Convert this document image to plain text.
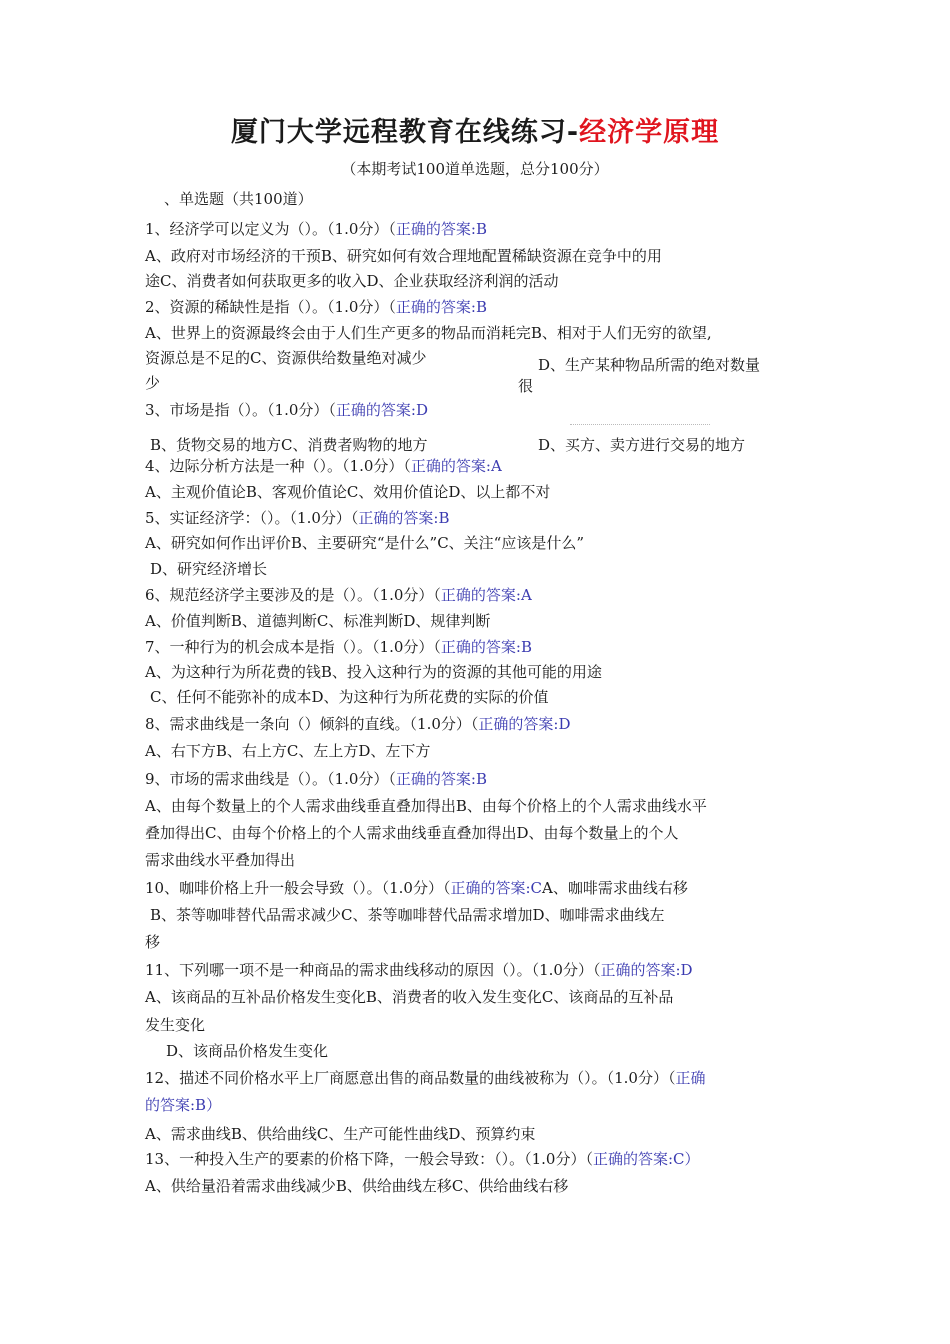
厦门大学远程教育在线练习-经济学原理
（本期考试100道单选题，总分100分）
、单选题（共100道）
1、经济学可以定义为（）。（1.0分）（正确的答案:B
A、政府对市场经济的干预B、研究如何有效合理地配置稀缺资源在竞争中的用
途C、消费者如何获取更多的收入D、企业获取经济利润的活动
2、资源的稀缺性是指（）。（1.0分）（正确的答案:B
A、世界上的资源最终会由于人们生产更多的物品而消耗完B、相对于人们无穷的欲望,
资源总是不足的C、资源供给数量绝对减少	D、生产某种物品所需的绝对数量
少	很
3、市场是指（）。（1.0分）（正确的答案:D
B、货物交易的地方C、消费者购物的地方	D、买方、卖方进行交易的地方
4、边际分析方法是一种（）。（1.0分）（正确的答案:A
A、主观价值论B、客观价值论C、效用价值论D、以上都不对
5、实证经济学：（）。（1.0分）（正确的答案:B
A、研究如何作出评价B、主要研究“是什么”C、关注“应该是什么”
D、研究经济增长
6、规范经济学主要涉及的是（）。（1.0分）（正确的答案:A
A、价值判断B、道德判断C、标准判断D、规律判断
7、一种行为的机会成本是指（）。（1.0分）（正确的答案:B
A、为这种行为所花费的钱B、投入这种行为的资源的其他可能的用途
C、任何不能弥补的成本D、为这种行为所花费的实际的价值
8、需求曲线是一条向（）倾斜的直线。（1.0分）（正确的答案:D
A、右下方B、右上方C、左上方D、左下方
9、市场的需求曲线是（）。（1.0分）（正确的答案:B
A、由每个数量上的个人需求曲线垂直叠加得出B、由每个价格上的个人需求曲线水平
叠加得出C、由每个价格上的个人需求曲线垂直叠加得出D、由每个数量上的个人
需求曲线水平叠加得出
10、咖啡价格上升一般会导致（）。（1.0分）（正确的答案:CA、咖啡需求曲线右移
B、茶等咖啡替代品需求减少C、茶等咖啡替代品需求增加D、咖啡需求曲线左
移
11、下列哪一项不是一种商品的需求曲线移动的原因（）。（1.0分）（正确的答案:D
A、该商品的互补品价格发生变化B、消费者的收入发生变化C、该商品的互补品
发生变化
D、该商品价格发生变化
12、描述不同价格水平上厂商愿意出售的商品数量的曲线被称为（）。（1.0分）（正确
的答案:B）
A、需求曲线B、供给曲线C、生产可能性曲线D、预算约束
13、一种投入生产的要素的价格下降，一般会导致：（）。（1.0分）（正确的答案:C）
A、供给量沿着需求曲线减少B、供给曲线左移C、供给曲线右移
